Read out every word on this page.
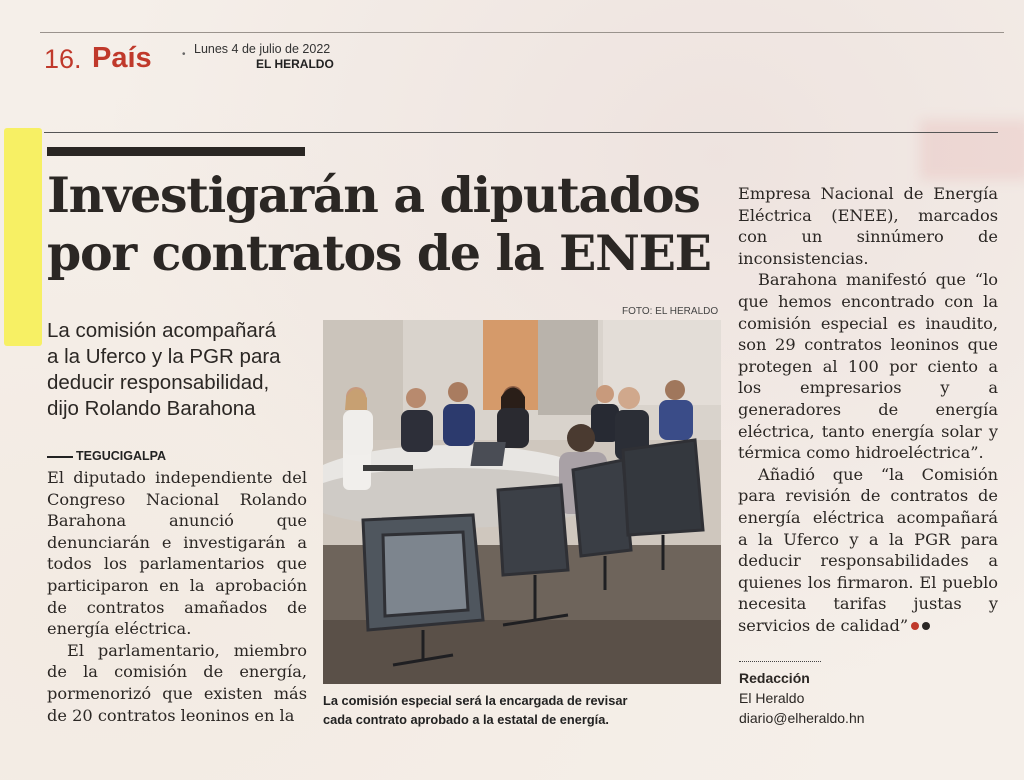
16. País	• Lunes 4 de julio de 2022
EL HERALDO
Investigarán a diputados
por contratos de la ENEE
La comisión acompañará
a la Uferco y la PGR para
deducir responsabilidad,
dijo Rolando Barahona
TEGUCIGALPA

El diputado independiente del Congreso Nacional Rolando Barahona anunció que denunciarán e investigarán a todos los parlamentarios que participaron en la aprobación de contratos amañados de energía eléctrica.

El parlamentario, miembro de la comisión de energía, pormenorizó que existen más de 20 contratos leoninos en la

FOTO: EL HERALDO
La comisión especial será la encargada de revisar
cada contrato aprobado a la estatal de energía.

Empresa Nacional de Energía Eléctrica (ENEE), marcados con un sinnúmero de inconsistencias.

Barahona manifestó que “lo que hemos encontrado con la comisión especial es inaudito, son 29 contratos leoninos que protegen al 100 por ciento a los empresarios y a generadores de energía eléctrica, tanto energía solar y térmica como hidroeléctrica”.

Añadió que “la Comisión para revisión de contratos de energía eléctrica acompañará a la Uferco y a la PGR para deducir responsabilidades a quienes los firmaron. El pueblo necesita tarifas justas y servicios de calidad”

Redacción
El Heraldo
diario@elheraldo.hn
